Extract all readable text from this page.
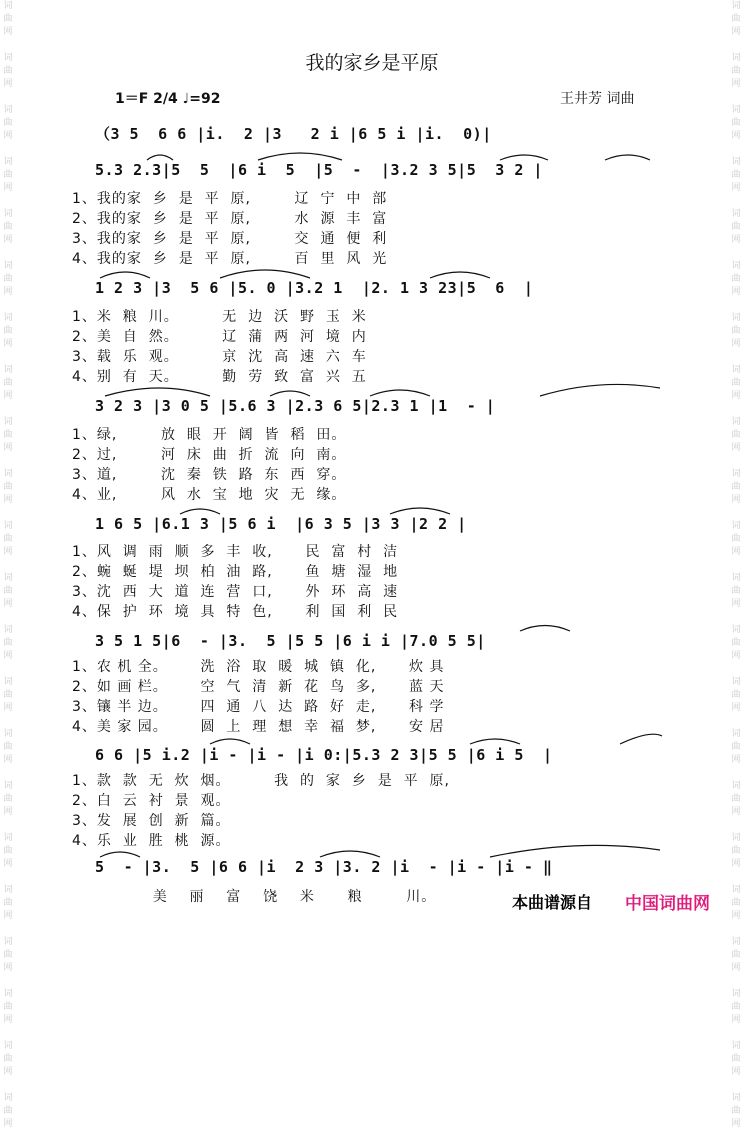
词
曲
网
词
曲
网
词
曲
网
词
曲
网
词
曲
网
词
曲
网
词
曲
网
词
曲
网
词
曲
网
词
曲
网
词
曲
网
词
曲
网
词
曲
网
词
曲
网
词
曲
网
词
曲
网
词
曲
网
词
曲
网
词
曲
网
词
曲
网
词
曲
网
词
曲
网
词
曲
网
词
曲
网
词
曲
网
词
曲
网
词
曲
网
词
曲
网
词
曲
网
词
曲
网
词
曲
网
词
曲
网
词
曲
网
词
曲
网
词
曲
网
词
曲
网
词
曲
网
词
曲
网
词
曲
网
词
曲
网
词
曲
网
词
曲
网
词
曲
网
词
曲
网
我的家乡是平原
1＝F 2/4 ♩=92	王井芳 词曲
（3 5  6 6 |i.  2 |3   2 i |6 5 i |i.  0)|
5.3 2.3|5  5  |6 i  5  |5  -  |3.2 3 5|5  3 2 |
1、我的家  乡  是  平  原,        辽  宁  中  部
2、我的家  乡  是  平  原,        水  源  丰  富
3、我的家  乡  是  平  原,        交  通  便  利
4、我的家  乡  是  平  原,        百  里  风  光
1 2 3 |3  5 6 |5. 0 |3.2 1  |2. 1 3 23|5  6  |
1、米  粮  川。        无  边  沃  野  玉  米
2、美  自  然。        辽  蒲  两  河  境  内
3、载  乐  观。        京  沈  高  速  六  车
4、别  有  天。        勤  劳  致  富  兴  五
3 2 3 |3 0 5 |5.6 3 |2.3 6 5|2.3 1 |1  - |
1、绿,        放  眼  开  阔  皆  稻  田。
2、过,        河  床  曲  折  流  向  南。
3、道,        沈  秦  铁  路  东  西  穿。
4、业,        风  水  宝  地  灾  无  缘。
1 6 5 |6.1 3 |5 6 i  |6 3 5 |3 3 |2 2 |
1、风  调  雨  顺  多  丰  收,      民  富  村  洁
2、蜿  蜒  堤  坝  柏  油  路,      鱼  塘  湿  地
3、沈  西  大  道  连  营  口,      外  环  高  速
4、保  护  环  境  具  特  色,      利  国  利  民
3 5 1 5|6  - |3.  5 |5 5 |6 i i |7.0 5 5|
1、农 机 全。      洗  浴  取  暖  城  镇  化,      炊 具
2、如 画 栏。      空  气  清  新  花  鸟  多,      蓝 天
3、镶 半 边。      四  通  八  达  路  好  走,      科 学
4、美 家 园。      圆  上  理  想  幸  福  梦,      安 居
6 6 |5 i.2 |i - |i - |i 0:|5.3 2 3|5 5 |6 i 5  |
1、款  款  无  炊  烟。        我  的  家  乡  是  平  原,
2、白  云  衬  景  观。
3、发  展  创  新  篇。
4、乐  业  胜  桃  源。
5  - |3.  5 |6 6 |i  2 3 |3. 2 |i  - |i - |i - ‖
美    丽    富    饶    米      粮        川。	本曲谱源自 中国词曲网
